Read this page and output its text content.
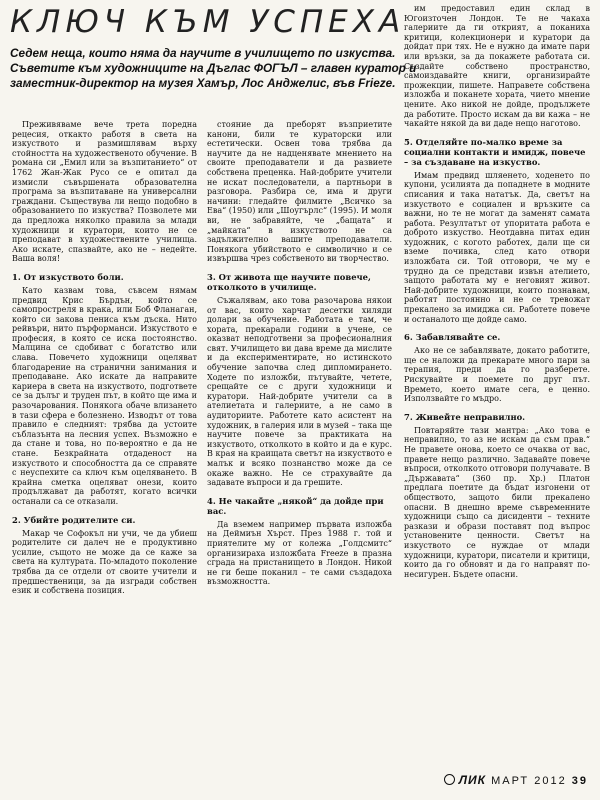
КЛЮЧ КЪМ УСПЕХА
Седем неща, които няма да научите в училището по изкуства. Съветите към художниците на Дъглас ФОГЪЛ – главен куратор и заместник-директор на музея Хамър, Лос Анджелис, във Frieze.

Преживяваме вече трета поредна рецесия, откакто работя в света на изкуството и размишлявам върху стойността на художественото обучение. В романа си „Емил или за възпитанието“ от 1762 Жан-Жак Русо се е опитал да измисли съвършената образователна програма за възпитаване на универсални граждани. Съществува ли нещо подобно в образованието по изкуства? Позволете ми да предложа няколко правила за млади художници и куратори, които не се преподават в художествените училища. Ако искате, спазвайте, ако не – недейте. Ваша воля!

1. От изкуството боли.

Като казвам това, съвсем нямам предвид Крис Бърдън, който се самопростреля в крака, или Боб Фланаган, който си закова пениса към дъска. Нито рейвъри, нито пърформанси. Изкуството е професия, в която се иска постоянство. Малцина се сдобиват с богатство или слава. Повечето художници оцеляват благодарение на странични занимания и преподаване. Ако искате да направите кариера в света на изкуството, подгответе се за дълъг и труден път, в който ще има и разочарования. Понякога обаче влизането в тази сфера е болезнено. Изводът от това правило е следният: трябва да устоите съблазънта на лесния успех. Възможно е да стане и това, но по-вероятно е да не стане. Безкрайната отдаденост на изкуството и способността да се справяте с неуспехите са ключ към оцеляването. В крайна сметка оцеляват онези, които продължават да работят, когато всички останали са се отказали.

2. Убийте родителите си.

Макар че Софокъл ни учи, че да убиеш родителите си далеч не е продуктивно усилие, същото не може да се каже за света на културата. По-младото поколение трябва да се отдели от своите учители и предшественици, за да изгради собствен език и собствена позиция.

стояние да преборят възприетите канони, били те кураторски или естетически. Освен това трябва да научите да не надценявате мнението на своите преподаватели и да развиете собствена преценка. Най-добрите учители не искат последователи, а партньори в разговора. Разбира се, има и други начини: гледайте филмите „Всичко за Ева“ (1950) или „Шоугърлс“ (1995). И моля ви, не забравяйте, че „бащата“ и „майката“ в изкуството не са задължително вашите преподаватели. Понякога убийството е символично и се извършва чрез собственото ви творчество.

3. От живота ще научите повече, отколкото в училище.

Съжалявам, ако това разочарова някои от вас, които харчат десетки хиляди долари за обучение. Работата е там, че хората, прекарали години в учене, се оказват неподготвени за професионалния свят. Училището ви дава време да мислите и да експериментирате, но истинското обучение започва след дипломирането. Ходете по изложби, пътувайте, четете, срещайте се с други художници и куратори. Най-добрите учители са в ателиетата и галериите, а не само в аудиториите. Работете като асистент на художник, в галерия или в музей – така ще научите повече за практиката на изкуството, отколкото в който и да е курс. В края на краищата светът на изкуството е малък и всяко познанство може да се окаже важно. Не се страхувайте да задавате въпроси и да грешите.

4. Не чакайте „някой“ да дойде при вас.

Да вземем например първата изложба на Деймиън Хърст. През 1988 г. той и приятелите му от колежа „Голдсмитс“ организираха изложбата Freeze в празна сграда на пристанището в Лондон. Никой не ги беше поканил – те сами създадоха възможността.

им предоставил един склад в Югоизточен Лондон. Те не чакаха галериите да ги открият, а поканиха критици, колекционери и куратори да дойдат при тях. Не е нужно да имате пари или връзки, за да покажете работата си. Създайте собствено пространство, самоиздавайте книги, организирайте прожекции, пишете. Направете собствена изложба и поканете хората, чието мнение цените. Ако никой не дойде, продължете да работите. Просто искам да ви кажа – не чакайте някой да ви даде нещо наготово.

5. Отделяйте по-малко време за социални контакти и имидж, повече – за създаване на изкуство.

Имам предвид шляенето, ходенето по купони, усилията да попаднете в модните списания и така нататък. Да, светът на изкуството е социален и връзките са важни, но те не могат да заменят самата работа. Резултатът от упоритата работа е доброто изкуство. Неотдавна питах един художник, с когото работех, дали ще си вземе почивка, след като отвори изложбата си. Той отговори, че му е трудно да се представи извън ателието, защото работата му е неговият живот. Най-добрите художници, които познавам, работят постоянно и не се тревожат прекалено за имиджа си. Работете повече и останалото ще дойде само.

6. Забавлявайте се.

Ако не се забавлявате, докато работите, ще се наложи да прекарате много пари за терапия, преди да го разберете. Рискувайте и поемете по друг път. Времето, което имате сега, е ценно. Използвайте го мъдро.

7. Живейте неправилно.

Повтаряйте тази мантра: „Ако това е неправилно, то аз не искам да съм прав.“ Не правете онова, което се очаква от вас, правете нещо различно. Задавайте повече въпроси, отколкото отговори получавате. В „Държавата“ (360 пр. Хр.) Платон предлага поетите да бъдат изгонени от обществото, защото били прекалено опасни. В днешно време съвременните художници също са дисиденти – техните разкази и образи поставят под въпрос установените ценности. Светът на изкуството се нуждае от млади художници, куратори, писатели и критици, които да го обновят и да го направят по-несигурен. Бъдете опасни.

ЛИК МАРТ 2012 39
